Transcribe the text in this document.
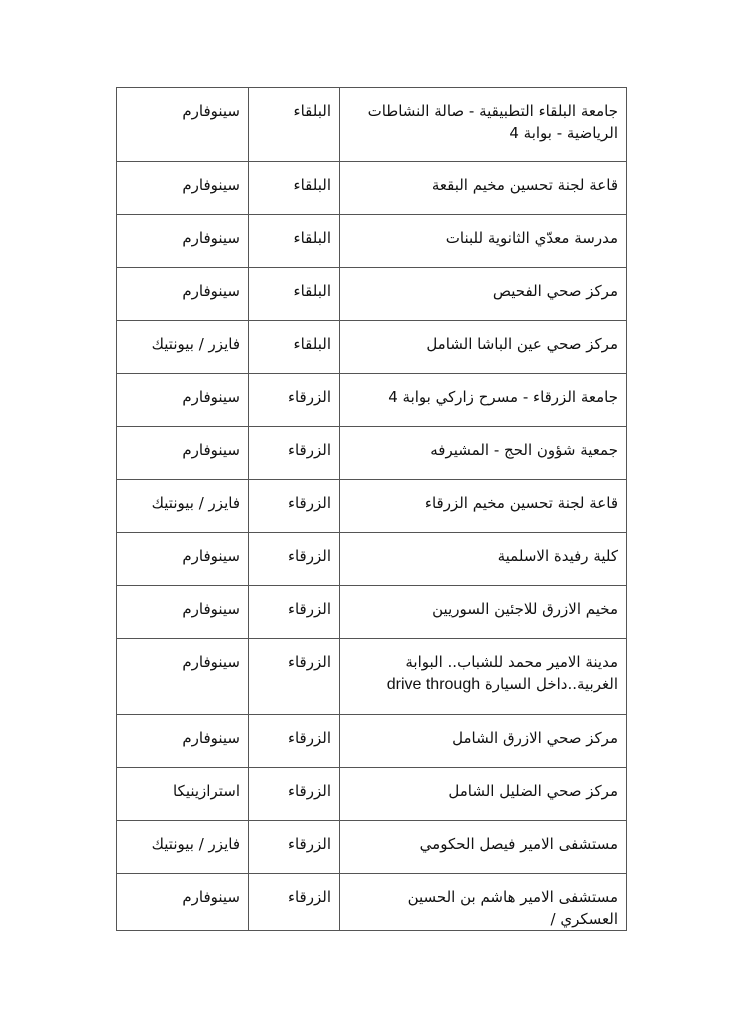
جامعة البلقاء التطبيقية - صالة النشاطات الرياضية - بوابة 4	البلقاء	سينوفارم
قاعة لجنة تحسين مخيم البقعة	البلقاء	سينوفارم
مدرسة معدّي الثانوية للبنات	البلقاء	سينوفارم
مركز صحي الفحيص	البلقاء	سينوفارم
مركز صحي عين الباشا الشامل	البلقاء	فايزر / بيونتيك
جامعة الزرقاء - مسرح زاركي بوابة 4	الزرقاء	سينوفارم
جمعية شؤون الحج - المشيرفه	الزرقاء	سينوفارم
قاعة لجنة تحسين مخيم الزرقاء	الزرقاء	فايزر / بيونتيك
كلية رفيدة الاسلمية	الزرقاء	سينوفارم
مخيم الازرق للاجئين السوريين	الزرقاء	سينوفارم
مدينة الامير محمد للشباب.. البوابة الغربية..داخل السيارة drive through	الزرقاء	سينوفارم
مركز صحي الازرق الشامل	الزرقاء	سينوفارم
مركز صحي الضليل الشامل	الزرقاء	استرازينيكا
مستشفى الامير فيصل الحكومي	الزرقاء	فايزر / بيونتيك
مستشفى الامير هاشم بن الحسين العسكري /	الزرقاء	سينوفارم
